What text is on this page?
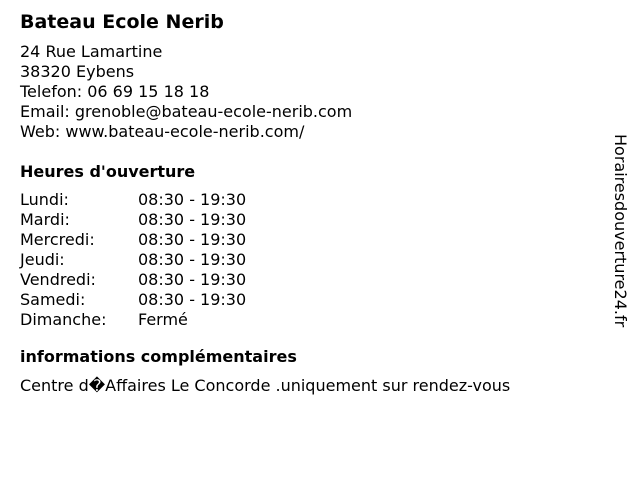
Bateau Ecole Nerib
24 Rue Lamartine
38320 Eybens
Telefon: 06 69 15 18 18
Email: grenoble@bateau-ecole-nerib.com
Web: www.bateau-ecole-nerib.com/
Heures d'ouverture
Lundi:	08:30 - 19:30
Mardi:	08:30 - 19:30
Mercredi:	08:30 - 19:30
Jeudi:	08:30 - 19:30
Vendredi:	08:30 - 19:30
Samedi:	08:30 - 19:30
Dimanche:	Fermé
informations complémentaires
Centre d�Affaires Le Concorde .uniquement sur rendez-vous
Horairesdouverture24.fr
